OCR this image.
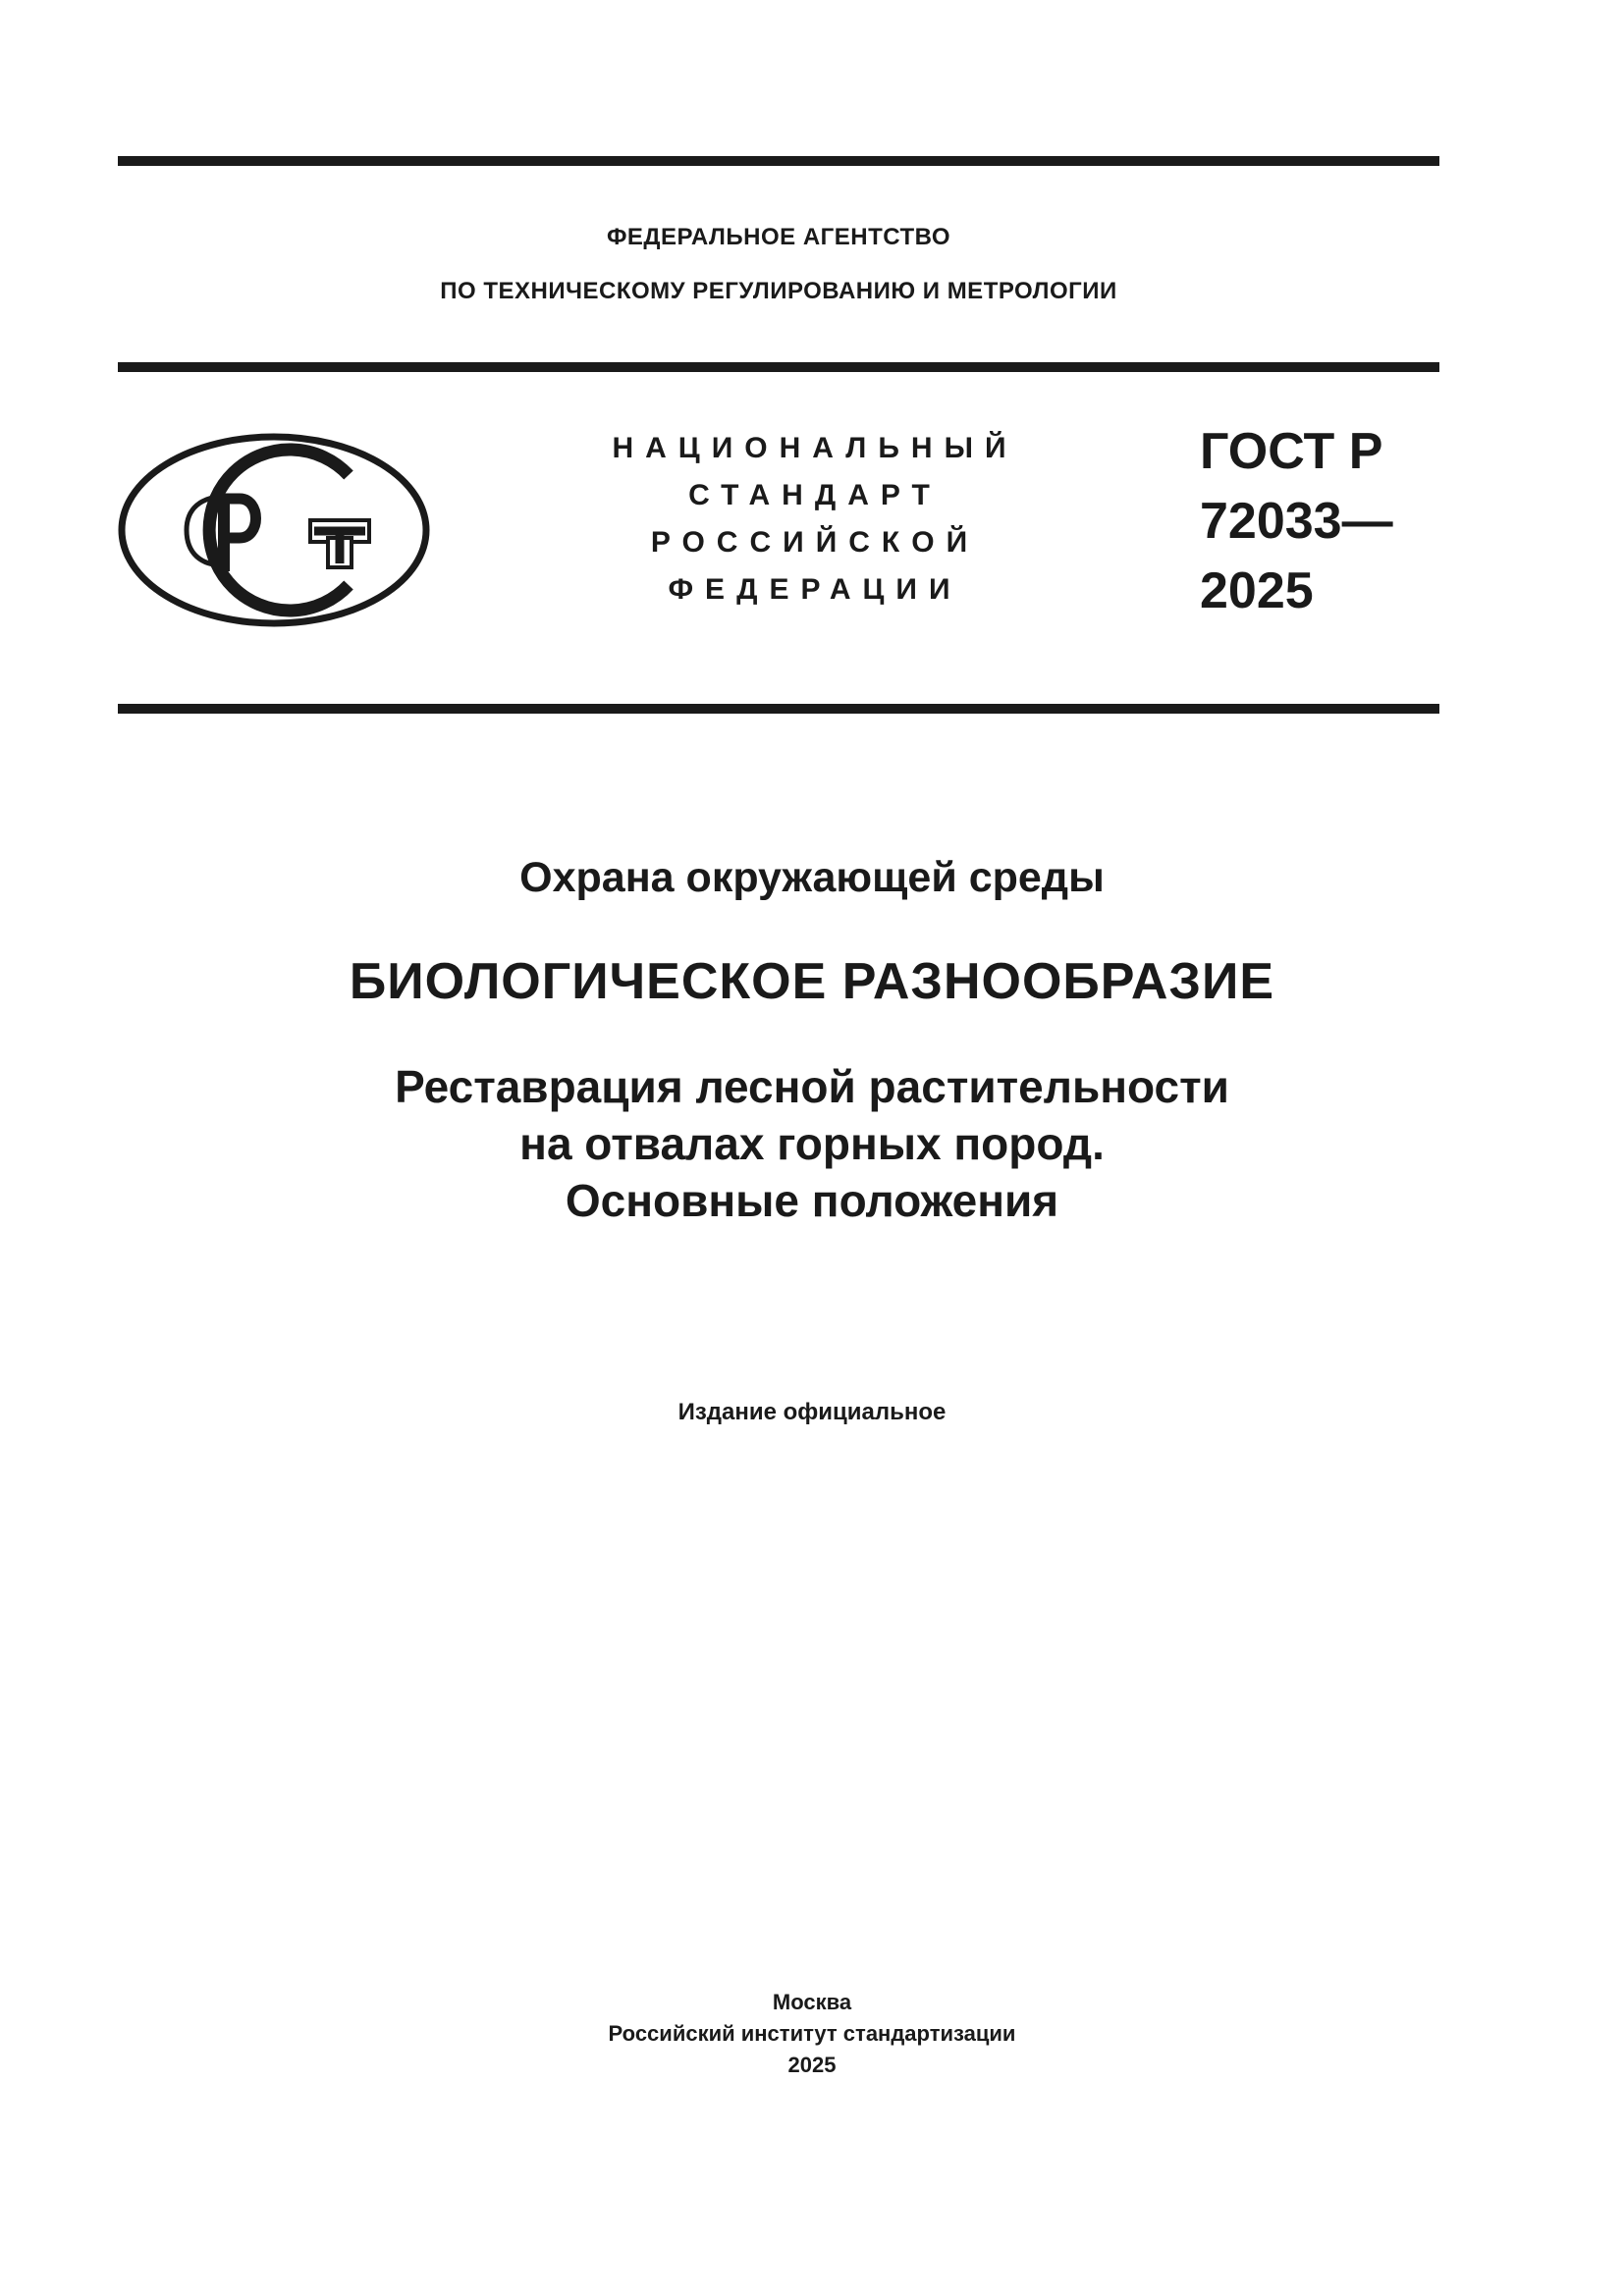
ФЕДЕРАЛЬНОЕ АГЕНТСТВО
ПО ТЕХНИЧЕСКОМУ РЕГУЛИРОВАНИЮ И МЕТРОЛОГИИ
НАЦИОНАЛЬНЫЙ
СТАНДАРТ
РОССИЙСКОЙ
ФЕДЕРАЦИИ
ГОСТ Р
72033—
2025
Охрана окружающей среды
БИОЛОГИЧЕСКОЕ РАЗНООБРАЗИЕ
Реставрация лесной растительности
на отвалах горных пород.
Основные положения
Издание официальное
Москва
Российский институт стандартизации
2025
